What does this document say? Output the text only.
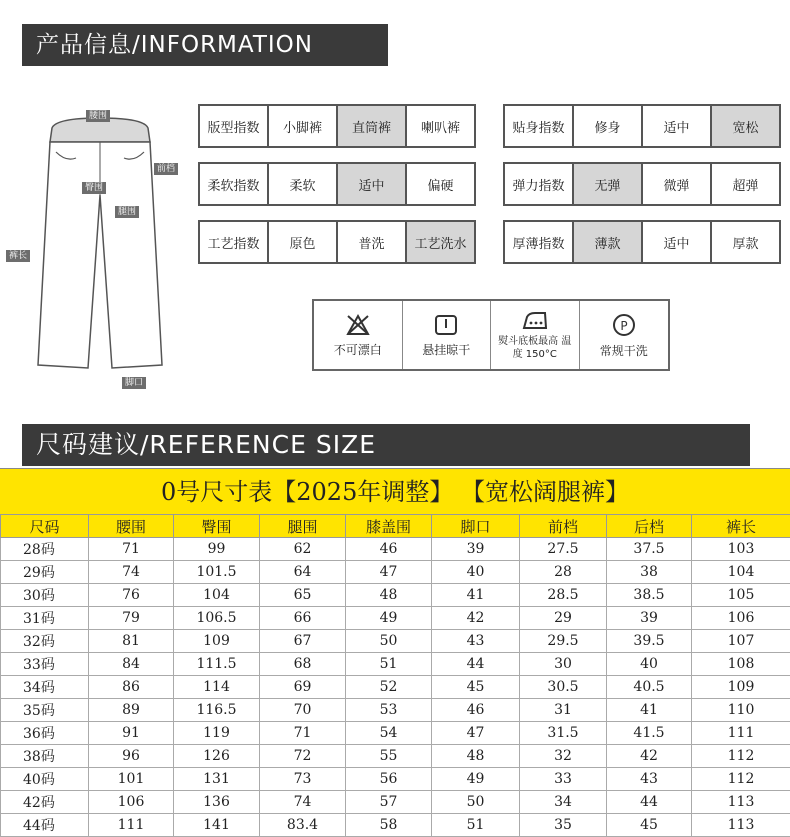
产品信息/INFORMATION
腰围
前档
臀围
腿围
裤长
脚口
版型指数	小脚裤	直筒裤	喇叭裤	贴身指数	修身	适中	宽松
柔软指数	柔软	适中	偏硬	弹力指数	无弹	微弹	超弹
工艺指数	原色	普洗	工艺洗水	厚薄指数	薄款	适中	厚款
不可漂白	悬挂晾干
熨斗底板最高 温度 150°C
P
常规干洗
尺码建议/REFERENCE SIZE
0号尺寸表【2025年调整】 【宽松阔腿裤】
尺码	腰围	臀围	腿围	膝盖围	脚口	前档	后档	裤长
28码	71	99	62	46	39	27.5	37.5	103
29码	74	101.5	64	47	40	28	38	104
30码	76	104	65	48	41	28.5	38.5	105
31码	79	106.5	66	49	42	29	39	106
32码	81	109	67	50	43	29.5	39.5	107
33码	84	111.5	68	51	44	30	40	108
34码	86	114	69	52	45	30.5	40.5	109
35码	89	116.5	70	53	46	31	41	110
36码	91	119	71	54	47	31.5	41.5	111
38码	96	126	72	55	48	32	42	112
40码	101	131	73	56	49	33	43	112
42码	106	136	74	57	50	34	44	113
44码	111	141	83.4	58	51	35	45	113
